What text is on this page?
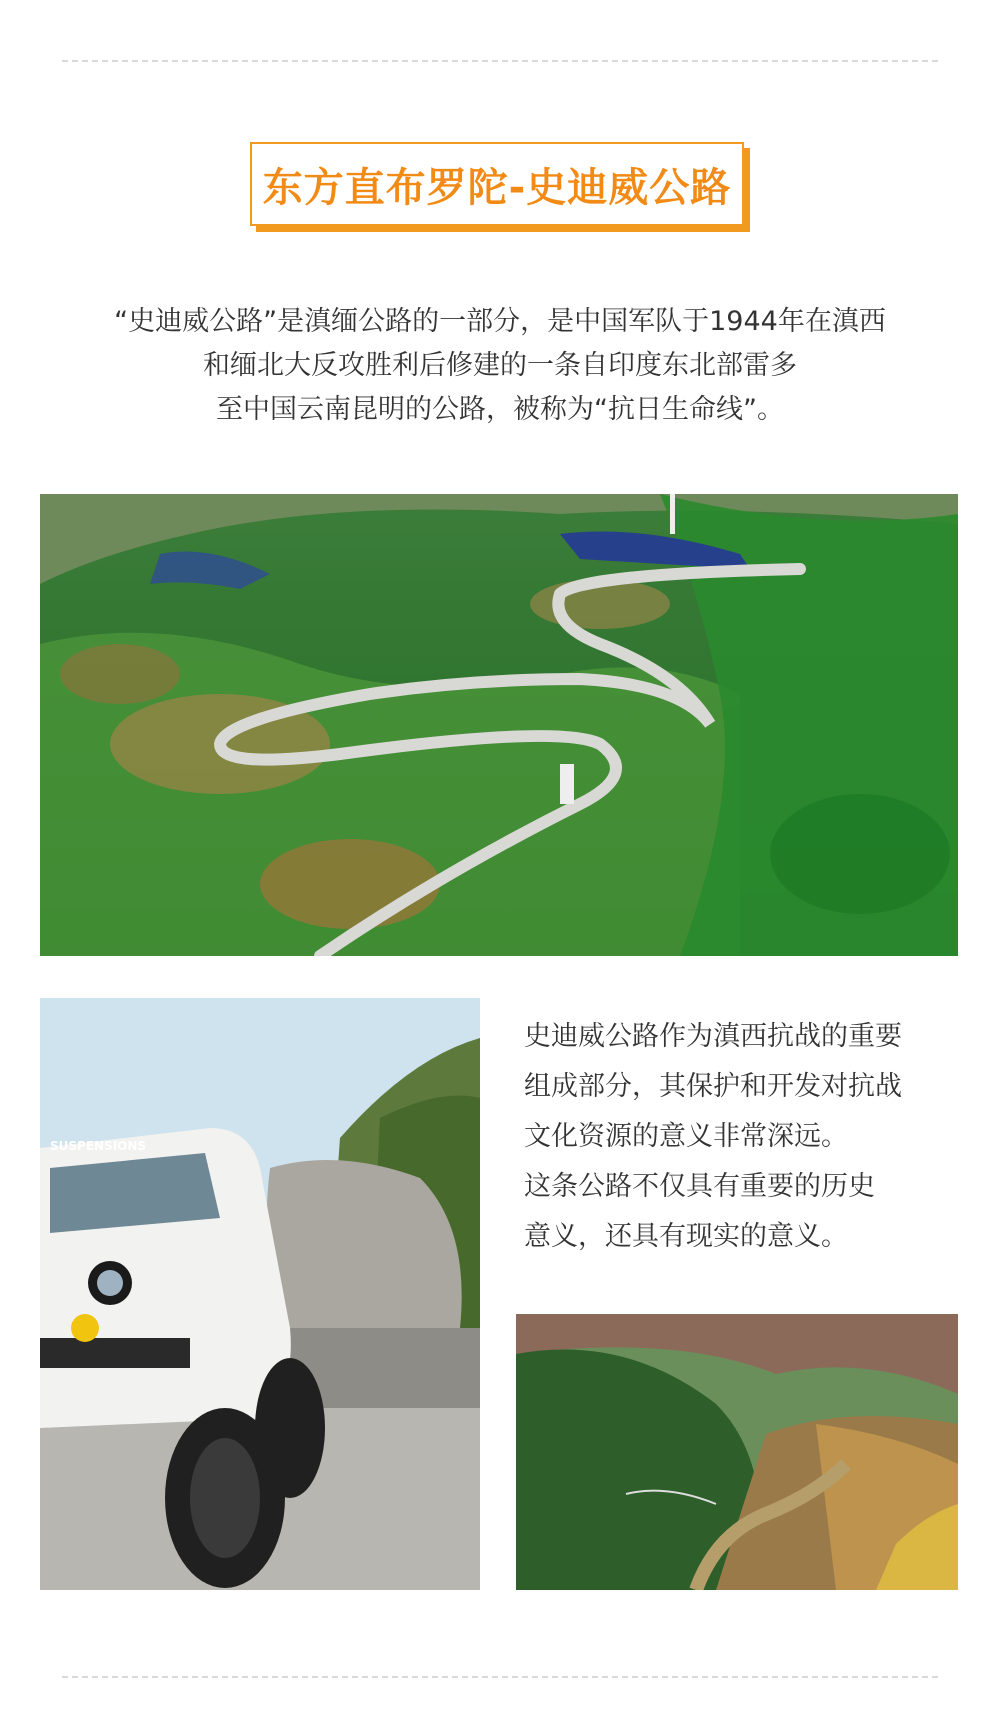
东方直布罗陀-史迪威公路
“史迪威公路”是滇缅公路的一部分，是中国军队于1944年在滇西
和缅北大反攻胜利后修建的一条自印度东北部雷多
至中国云南昆明的公路，被称为“抗日生命线”。
SUSPENSIONS
史迪威公路作为滇西抗战的重要
组成部分，其保护和开发对抗战
文化资源的意义非常深远。
这条公路不仅具有重要的历史
意义，还具有现实的意义。
